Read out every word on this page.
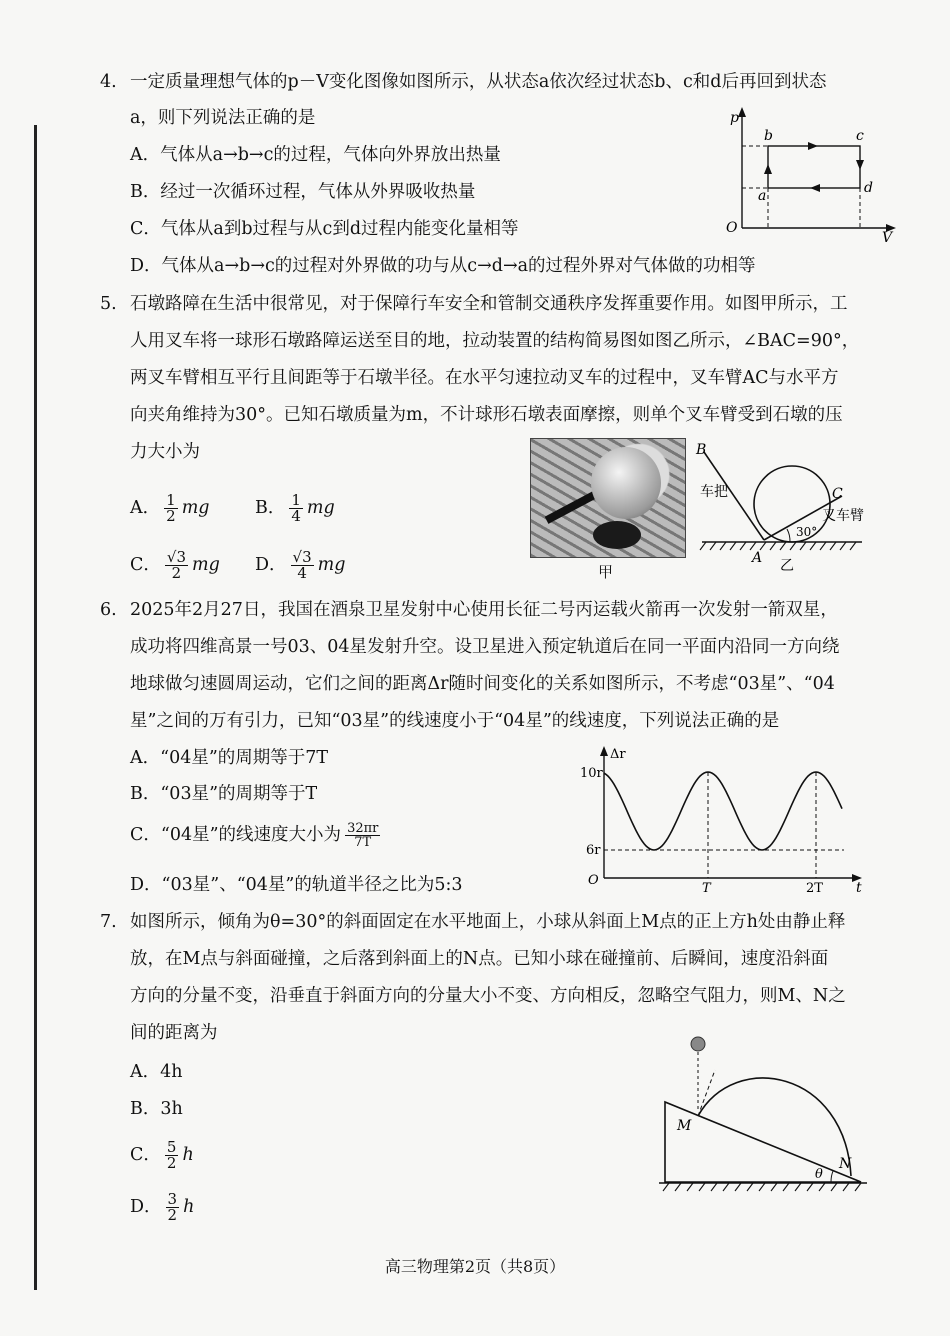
4. 一定质量理想气体的p－V变化图像如图所示，从状态a依次经过状态b、c和d后再回到状态
a，则下列说法正确的是
A．气体从a→b→c的过程，气体向外界放出热量
B．经过一次循环过程，气体从外界吸收热量
C．气体从a到b过程与从c到d过程内能变化量相等
D．气体从a→b→c的过程对外界做的功与从c→d→a的过程外界对气体做的功相等
p
V
O
a
b	c
d
5. 石墩路障在生活中很常见，对于保障行车安全和管制交通秩序发挥重要作用。如图甲所示，工
人用叉车将一球形石墩路障运送至目的地，拉动装置的结构简易图如图乙所示，∠BAC=90°，
两叉车臂相互平行且间距等于石墩半径。在水平匀速拉动叉车的过程中，叉车臂AC与水平方
向夹角维持为30°。已知石墩质量为m，不计球形石墩表面摩擦，则单个叉车臂受到石墩的压
力大小为
A． $\frac{1}{2}$ mg	B． $\frac{1}{4}$ mg
C． $\frac{√3}{2}$ mg D． $\frac{√3}{4}$ mg	甲
B
C
A
车把
叉车臂
30°
乙
6. 2025年2月27日，我国在酒泉卫星发射中心使用长征二号丙运载火箭再一次发射一箭双星，
成功将四维高景一号03、04星发射升空。设卫星进入预定轨道后在同一平面内沿同一方向绕
地球做匀速圆周运动，它们之间的距离Δr随时间变化的关系如图所示，不考虑“03星”、“04
星”之间的万有引力，已知“03星”的线速度小于“04星”的线速度，下列说法正确的是
A．“04星”的周期等于7T
B．“03星”的周期等于T
C．“04星”的线速度大小为 $\frac{32\pi r}{7T}$
D．“03星”、“04星”的轨道半径之比为5:3
Δr
t
O
10r
6r
T	2T
7. 如图所示，倾角为θ=30°的斜面固定在水平地面上，小球从斜面上M点的正上方h处由静止释
放，在M点与斜面碰撞，之后落到斜面上的N点。已知小球在碰撞前、后瞬间，速度沿斜面
方向的分量不变，沿垂直于斜面方向的分量大小不变、方向相反，忽略空气阻力，则M、N之
间的距离为
A．4h
B．3h
C． $\frac{5}{2}$ h
D． $\frac{3}{2}$ h
M
N
θ
高三物理第2页（共8页）
